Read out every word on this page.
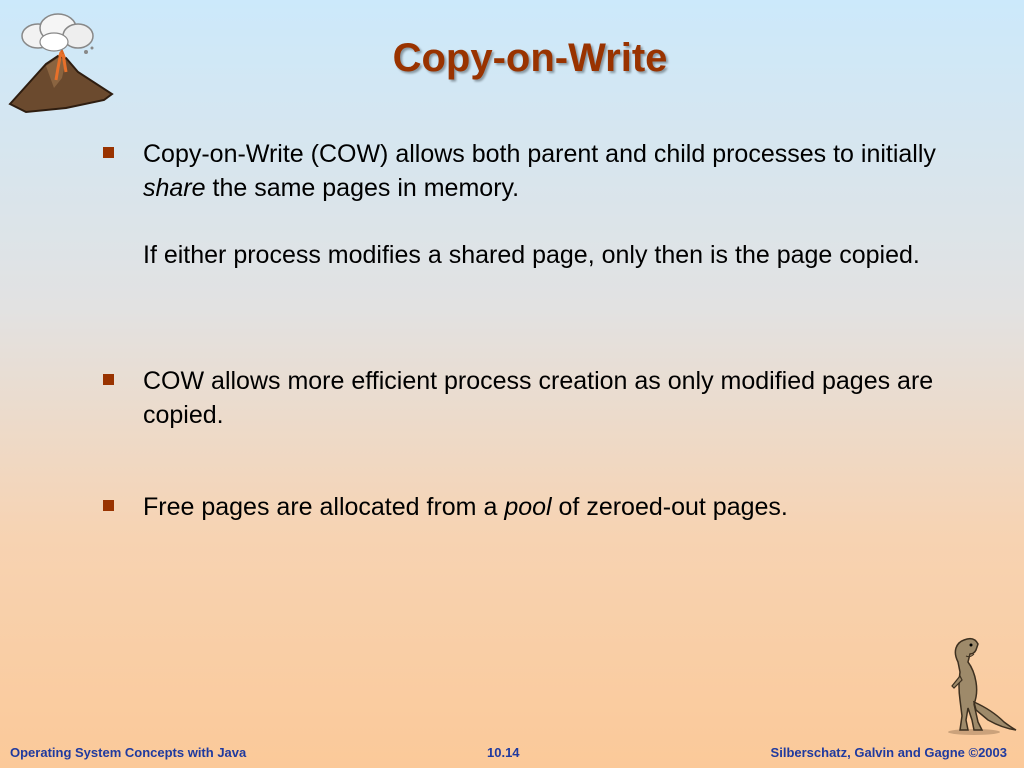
Copy-on-Write

Copy-on-Write (COW) allows both parent and child processes to initially share the same pages in memory.

If either process modifies a shared page, only then is the page copied.

COW allows more efficient process creation as only modified pages are copied.

Free pages are allocated from a pool of zeroed-out pages.

Operating System Concepts with Java	10.14	Silberschatz, Galvin and Gagne ©2003
